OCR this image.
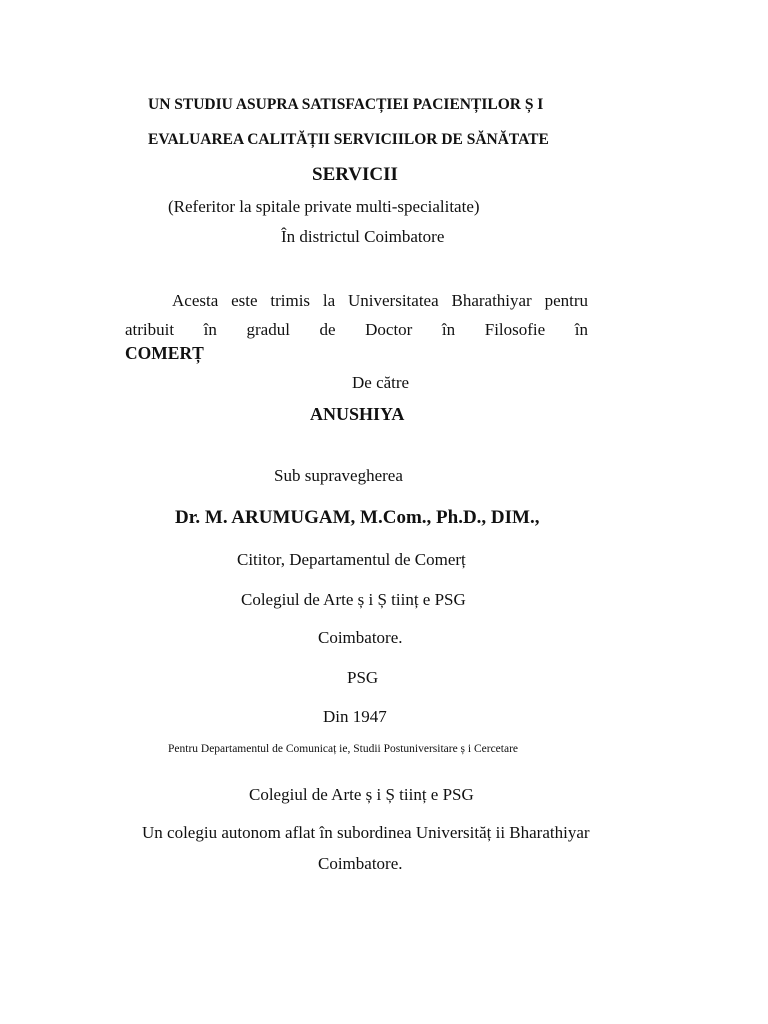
UN STUDIU ASUPRA SATISFACȚIEI PACIENȚILOR Ș I
EVALUAREA CALITĂȚII SERVICIILOR DE SĂNĂTATE
SERVICII
(Referitor la spitale private multi-specialitate)
În districtul Coimbatore
Acesta este trimis la Universitatea Bharathiyar pentru atribuit în gradul de Doctor în Filosofie în
COMERȚ
De către
ANUSHIYA
Sub supravegherea
Dr. M. ARUMUGAM, M.Com., Ph.D., DIM.,
Cititor, Departamentul de Comerț
Colegiul de Arte ș i Ș tiinț e PSG
Coimbatore.
PSG
Din 1947
Pentru Departamentul de Comunicaț ie, Studii Postuniversitare ș i Cercetare
Colegiul de Arte ș i Ș tiinț e PSG
Un colegiu autonom aflat în subordinea Universităț ii Bharathiyar
Coimbatore.
